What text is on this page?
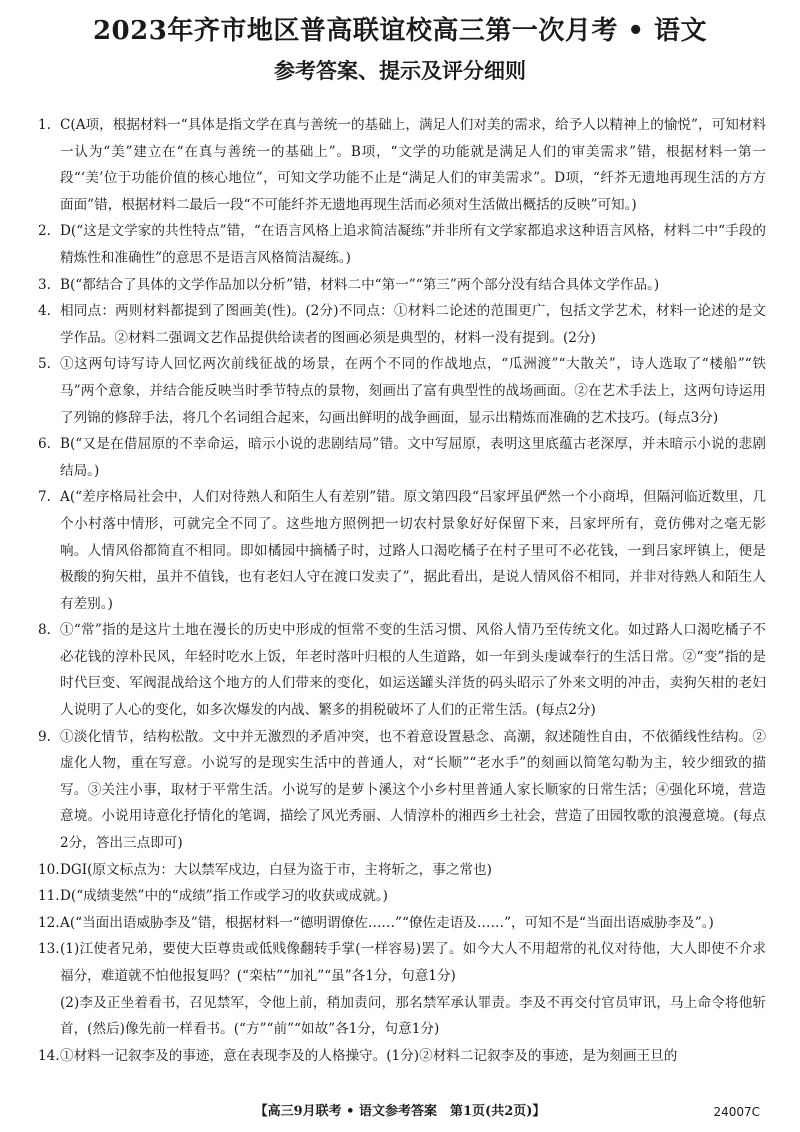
2023年齐市地区普高联谊校高三第一次月考 • 语文
参考答案、提示及评分细则
1. C(A项，根据材料一“具体是指文学在真与善统一的基础上，满足人们对美的需求，给予人以精神上的愉悦”，可知材料一认为“美”建立在“在真与善统一的基础上”。B项，“文学的功能就是满足人们的审美需求”错，根据材料一第一段“‘美’位于功能价值的核心地位”，可知文学功能不止是“满足人们的审美需求”。D项，“纤芥无遗地再现生活的方方面面”错，根据材料二最后一段“不可能纤芥无遗地再现生活而必须对生活做出概括的反映”可知。)
2. D(“这是文学家的共性特点”错，“在语言风格上追求简洁凝练”并非所有文学家都追求这种语言风格，材料二中“手段的精炼性和准确性”的意思不是语言风格简洁凝练。)
3. B(“都结合了具体的文学作品加以分析”错，材料二中“第一”“第三”两个部分没有结合具体文学作品。)
4. 相同点：两则材料都提到了图画美(性)。(2分)不同点：①材料二论述的范围更广，包括文学艺术，材料一论述的是文学作品。②材料二强调文艺作品提供给读者的图画必须是典型的，材料一没有提到。(2分)
5. ①这两句诗写诗人回忆两次前线征战的场景，在两个不同的作战地点，“瓜洲渡”“大散关”，诗人选取了“楼船”“铁马”两个意象，并结合能反映当时季节特点的景物，刻画出了富有典型性的战场画面。②在艺术手法上，这两句诗运用了列锦的修辞手法，将几个名词组合起来，勾画出鲜明的战争画面，显示出精炼而准确的艺术技巧。(每点3分)
6. B(“又是在借屈原的不幸命运，暗示小说的悲剧结局”错。文中写屈原，表明这里底蕴古老深厚，并未暗示小说的悲剧结局。)
7. A(“差序格局社会中，人们对待熟人和陌生人有差别”错。原文第四段“吕家坪虽俨然一个小商埠，但隔河临近数里，几个小村落中情形，可就完全不同了。这些地方照例把一切农村景象好好保留下来，吕家坪所有，竟仿佛对之毫无影响。人情风俗都简直不相同。即如橘园中摘橘子时，过路人口渴吃橘子在村子里可不必花钱，一到吕家坪镇上，便是极酸的狗矢柑，虽并不值钱，也有老妇人守在渡口发卖了”，据此看出，是说人情风俗不相同，并非对待熟人和陌生人有差别。)
8. ①“常”指的是这片土地在漫长的历史中形成的恒常不变的生活习惯、风俗人情乃至传统文化。如过路人口渴吃橘子不必花钱的淳朴民风，年轻时吃水上饭，年老时落叶归根的人生道路，如一年到头虔诚奉行的生活日常。②“变”指的是时代巨变、军阀混战给这个地方的人们带来的变化，如运送罐头洋货的码头昭示了外来文明的冲击，卖狗矢柑的老妇人说明了人心的变化，如多次爆发的内战、繁多的捐税破坏了人们的正常生活。(每点2分)
9. ①淡化情节，结构松散。文中并无激烈的矛盾冲突，也不着意设置悬念、高潮，叙述随性自由，不依循线性结构。②虚化人物，重在写意。小说写的是现实生活中的普通人，对“长顺”“老水手”的刻画以简笔勾勒为主，较少细致的描写。③关注小事，取材于平常生活。小说写的是萝卜溪这个小乡村里普通人家长顺家的日常生活；④强化环境，营造意境。小说用诗意化抒情化的笔调，描绘了风光秀丽、人情淳朴的湘西乡土社会，营造了田园牧歌的浪漫意境。(每点2分，答出三点即可)
10. DGI(原文标点为：大以禁军戍边，白昼为盗于市，主将斩之，事之常也)
11. D(“成绩斐然”中的“成绩”指工作或学习的收获或成就。)
12. A(“当面出语威胁李及”错，根据材料一“德明谓僚佐……”“僚佐走语及……”，可知不是“当面出语威胁李及”。)
13. (1)江使者兄弟，要使大臣尊贵或低贱像翻转手掌(一样容易)罢了。如今大人不用超常的礼仪对待他，大人即使不介求福分，难道就不怕他报复吗？(“栾枯”“加礼”“虽”各1分，句意1分)
(2)李及正坐着看书，召见禁军，令他上前，稍加责问，那名禁军承认罪责。李及不再交付官员审讯，马上命令将他斩首，(然后)像先前一样看书。(“方”“前”“如故”各1分，句意1分)
14. ①材料一记叙李及的事迹，意在表现李及的人格操守。(1分)②材料二记叙李及的事迹，是为刻画王旦的
【高三9月联考 • 语文参考答案　第1页(共2页)】	24007C
